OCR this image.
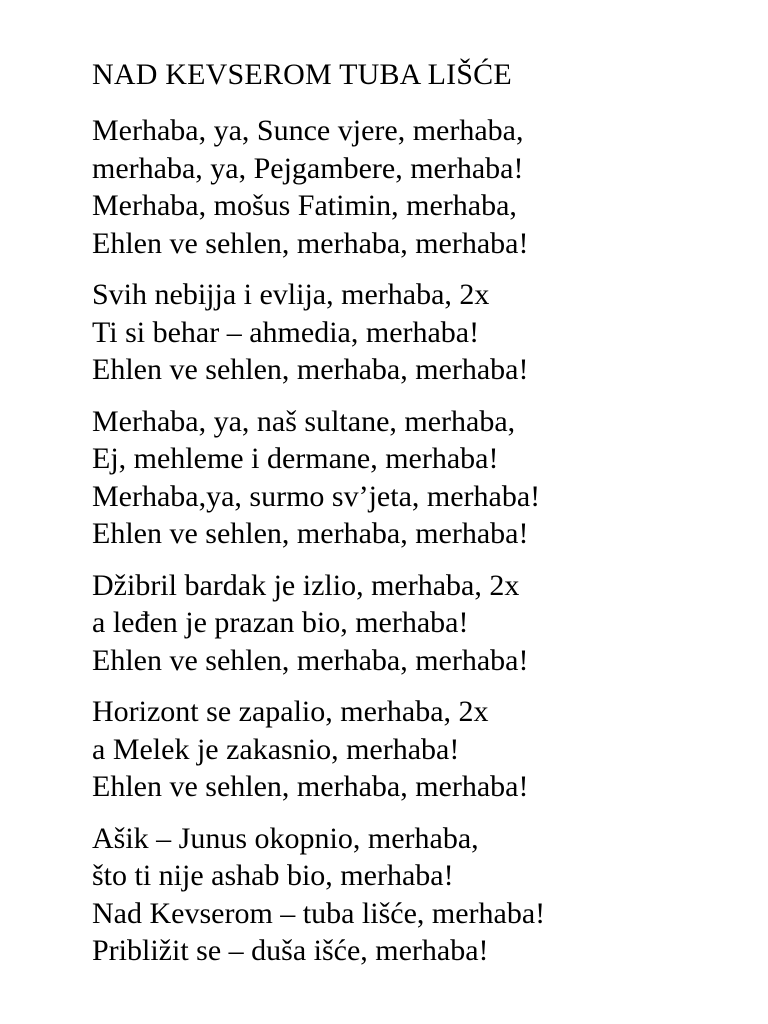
NAD KEVSEROM TUBA LIŠĆE
Merhaba, ya, Sunce vjere, merhaba,
merhaba, ya, Pejgambere, merhaba!
Merhaba, mošus Fatimin, merhaba,
Ehlen ve sehlen, merhaba, merhaba!
Svih nebijja i evlija, merhaba, 2x
Ti si behar – ahmedia, merhaba!
Ehlen ve sehlen, merhaba, merhaba!
Merhaba, ya, naš sultane, merhaba,
Ej, mehleme i dermane, merhaba!
Merhaba,ya, surmo sv’jeta, merhaba!
Ehlen ve sehlen, merhaba, merhaba!
Džibril bardak je izlio, merhaba, 2x
a leđen je prazan bio, merhaba!
Ehlen ve sehlen, merhaba, merhaba!
Horizont se zapalio, merhaba, 2x
a Melek je zakasnio, merhaba!
Ehlen ve sehlen, merhaba, merhaba!
Ašik – Junus okopnio, merhaba,
što ti nije ashab bio, merhaba!
Nad Kevserom – tuba lišće, merhaba!
Približit se – duša išće, merhaba!
